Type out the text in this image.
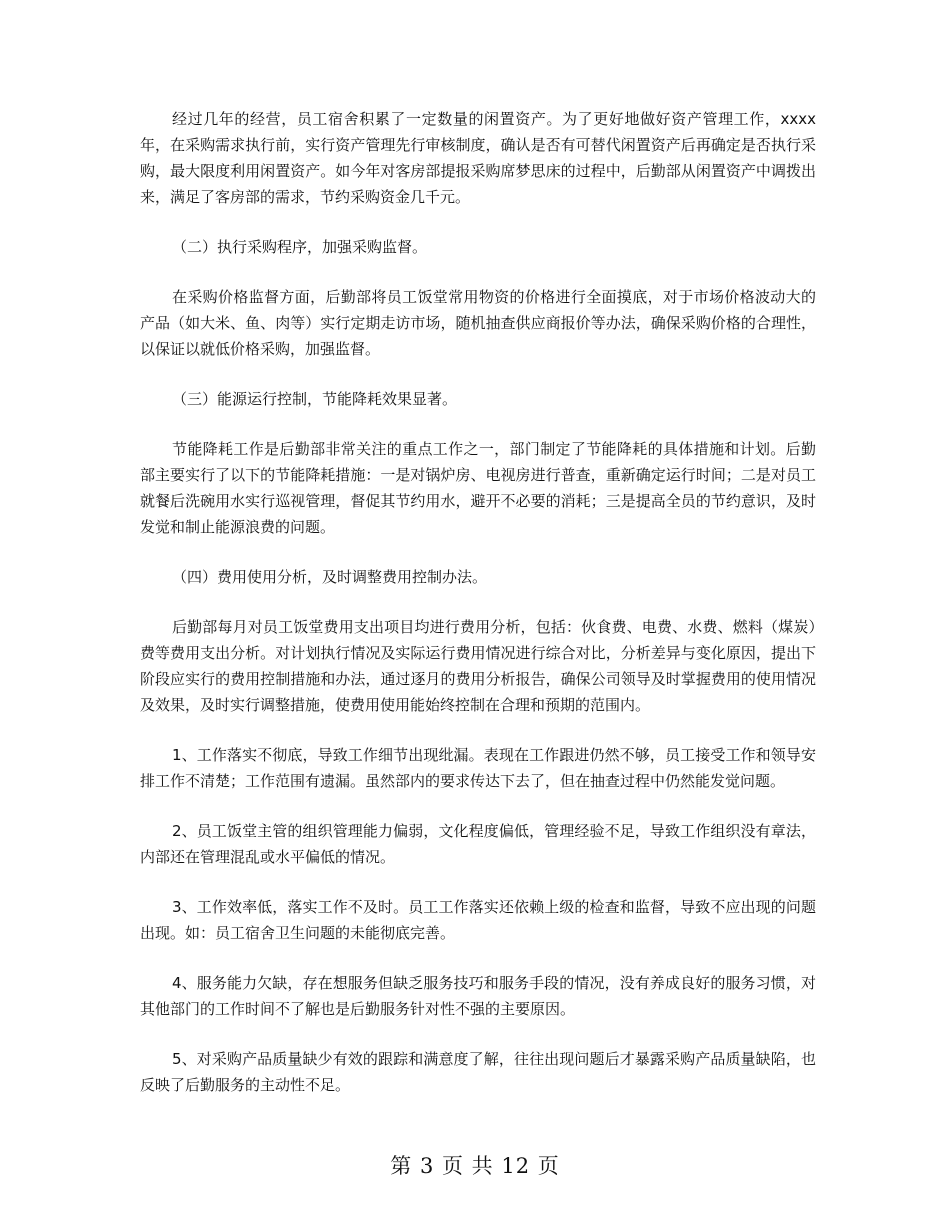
经过几年的经营，员工宿舍积累了一定数量的闲置资产。为了更好地做好资产管理工作，xxxx年，在采购需求执行前，实行资产管理先行审核制度，确认是否有可替代闲置资产后再确定是否执行采购，最大限度利用闲置资产。如今年对客房部提报采购席梦思床的过程中，后勤部从闲置资产中调拨出来，满足了客房部的需求，节约采购资金几千元。

（二）执行采购程序，加强采购监督。

在采购价格监督方面，后勤部将员工饭堂常用物资的价格进行全面摸底，对于市场价格波动大的产品（如大米、鱼、肉等）实行定期走访市场，随机抽查供应商报价等办法，确保采购价格的合理性，以保证以就低价格采购，加强监督。

（三）能源运行控制，节能降耗效果显著。

节能降耗工作是后勤部非常关注的重点工作之一，部门制定了节能降耗的具体措施和计划。后勤部主要实行了以下的节能降耗措施：一是对锅炉房、电视房进行普查，重新确定运行时间；二是对员工就餐后洗碗用水实行巡视管理，督促其节约用水，避开不必要的消耗；三是提高全员的节约意识，及时发觉和制止能源浪费的问题。

（四）费用使用分析，及时调整费用控制办法。

后勤部每月对员工饭堂费用支出项目均进行费用分析，包括：伙食费、电费、水费、燃料（煤炭）费等费用支出分析。对计划执行情况及实际运行费用情况进行综合对比，分析差异与变化原因，提出下阶段应实行的费用控制措施和办法，通过逐月的费用分析报告，确保公司领导及时掌握费用的使用情况及效果，及时实行调整措施，使费用使用能始终控制在合理和预期的范围内。

1、工作落实不彻底，导致工作细节出现纰漏。表现在工作跟进仍然不够，员工接受工作和领导安排工作不清楚；工作范围有遗漏。虽然部内的要求传达下去了，但在抽查过程中仍然能发觉问题。

2、员工饭堂主管的组织管理能力偏弱，文化程度偏低，管理经验不足，导致工作组织没有章法，内部还在管理混乱或水平偏低的情况。

3、工作效率低，落实工作不及时。员工工作落实还依赖上级的检查和监督，导致不应出现的问题出现。如：员工宿舍卫生问题的未能彻底完善。

4、服务能力欠缺，存在想服务但缺乏服务技巧和服务手段的情况，没有养成良好的服务习惯，对其他部门的工作时间不了解也是后勤服务针对性不强的主要原因。

5、对采购产品质量缺少有效的跟踪和满意度了解，往往出现问题后才暴露采购产品质量缺陷，也反映了后勤服务的主动性不足。

第 3 页 共 12 页
